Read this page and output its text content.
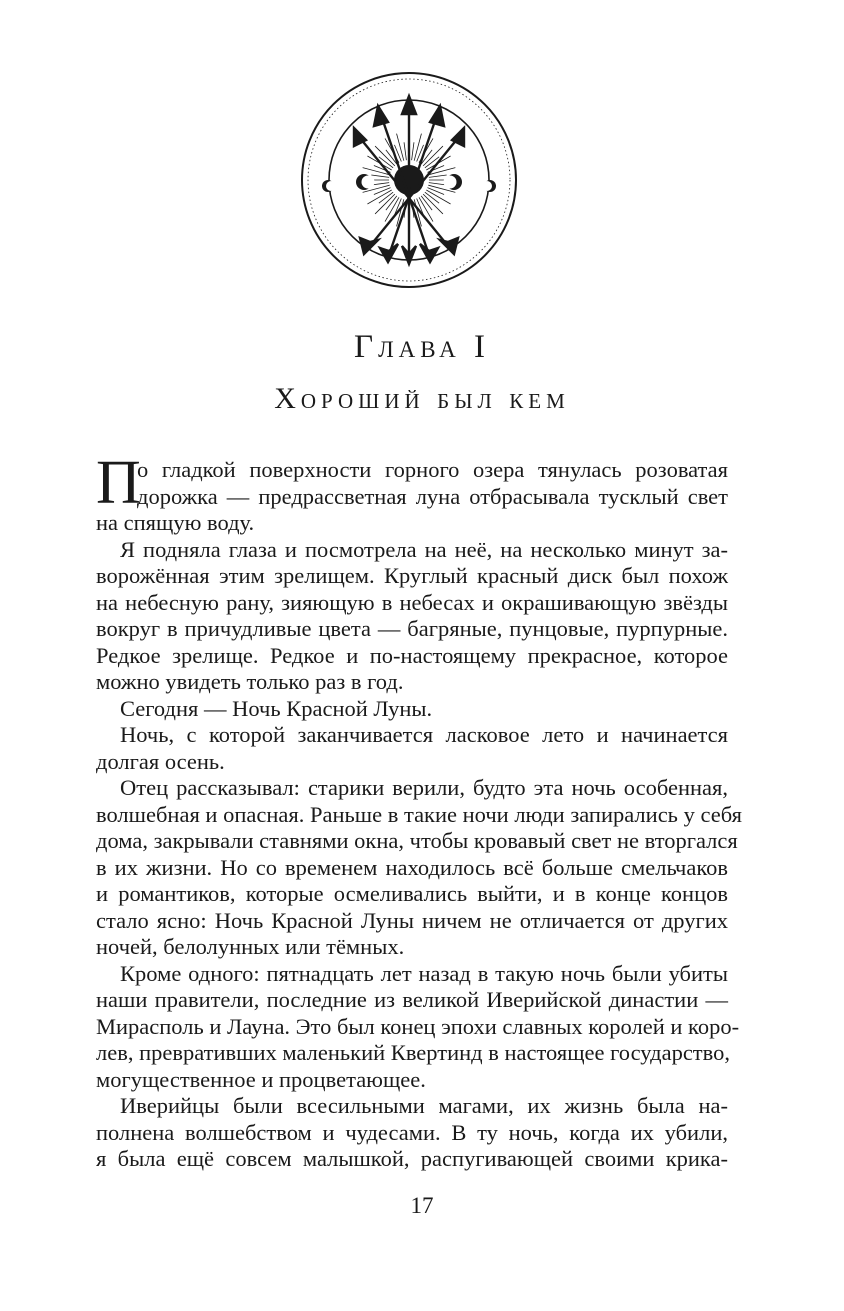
Глава I
Хороший был кем
П
о гладкой поверхности горного озера тянулась розоватая
дорожка — предрассветная луна отбрасывала тусклый свет
на спящую воду.
Я подняла глаза и посмотрела на неё, на несколько минут за-
ворожённая этим зрелищем. Круглый красный диск был похож
на небесную рану, зияющую в небесах и окрашивающую звёзды
вокруг в причудливые цвета — багряные, пунцовые, пурпурные.
Редкое зрелище. Редкое и по-настоящему прекрасное, которое
можно увидеть только раз в год.
Сегодня — Ночь Красной Луны.
Ночь, с которой заканчивается ласковое лето и начинается
долгая осень.
Отец рассказывал: старики верили, будто эта ночь особенная,
волшебная и опасная. Раньше в такие ночи люди запирались у себя
дома, закрывали ставнями окна, чтобы кровавый свет не вторгался
в их жизни. Но со временем находилось всё больше смельчаков
и романтиков, которые осмеливались выйти, и в конце концов
стало ясно: Ночь Красной Луны ничем не отличается от других
ночей, белолунных или тёмных.
Кроме одного: пятнадцать лет назад в такую ночь были убиты
наши правители, последние из великой Иверийской династии —
Мирасполь и Лауна. Это был конец эпохи славных королей и коро-
лев, превративших маленький Квертинд в настоящее государство,
могущественное и процветающее.
Иверийцы были всесильными магами, их жизнь была на-
полнена волшебством и чудесами. В ту ночь, когда их убили,
я была ещё совсем малышкой, распугивающей своими крика-
17
